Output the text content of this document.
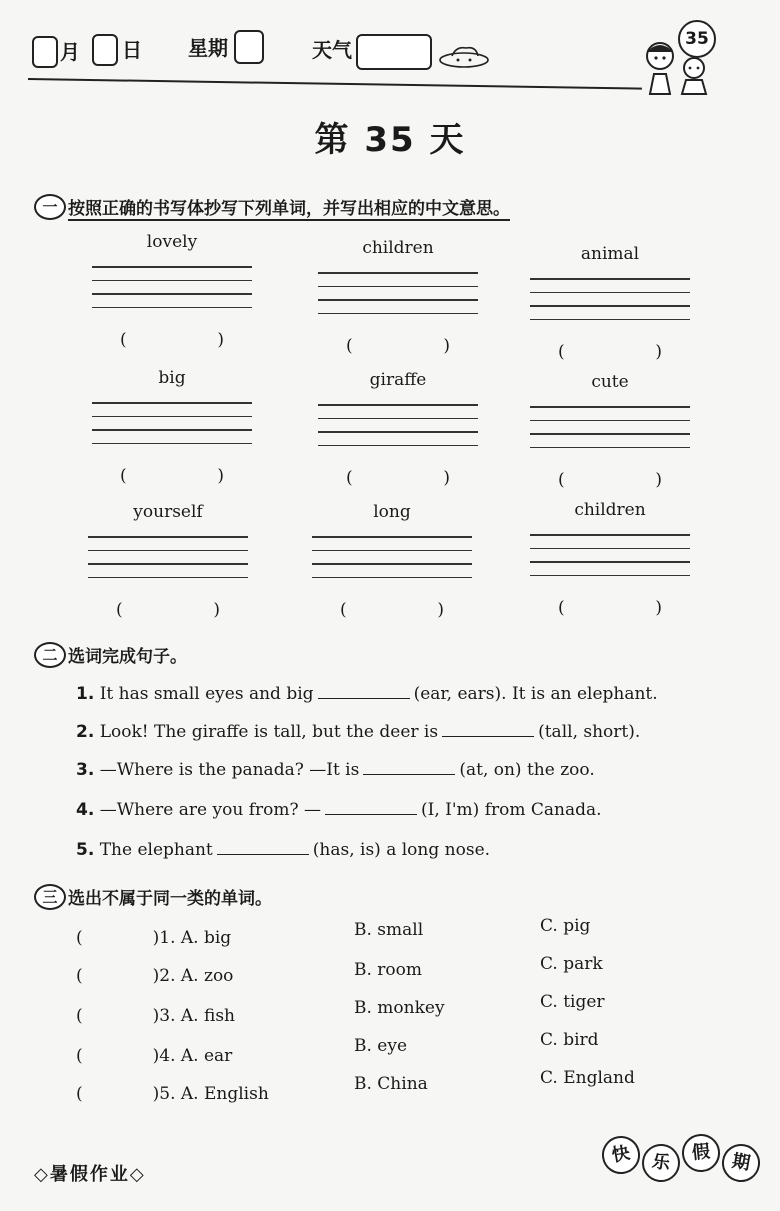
月 日 星期	天气	35
第 35 天
一 按照正确的书写体抄写下列单词，并写出相应的中文意思。
lovely
(	)
children
(	)
animal
(	)
big
(	)
giraffe
(	)
cute
(	)
yourself
(	)
long
(	)
children
(	)
二 选词完成句子。
1. It has small eyes and big	(ear, ears). It is an elephant.
2. Look! The giraffe is tall, but the deer is	(tall, short).
3. —Where is the panada? —It is	(at, on) the zoo.
4. —Where are you from? —	(I, I'm) from Canada.
5. The elephant	(has, is) a long nose.
三 选出不属于同一类的单词。
(	)1. A. big	B. small	C. pig
(	)2. A. zoo	B. room	C. park
(	)3. A. fish	B. monkey	C. tiger
(	)4. A. ear	B. eye	C. bird
(	)5. A. English	B. China	C. England
◇暑假作业◇
快	乐	假	期
